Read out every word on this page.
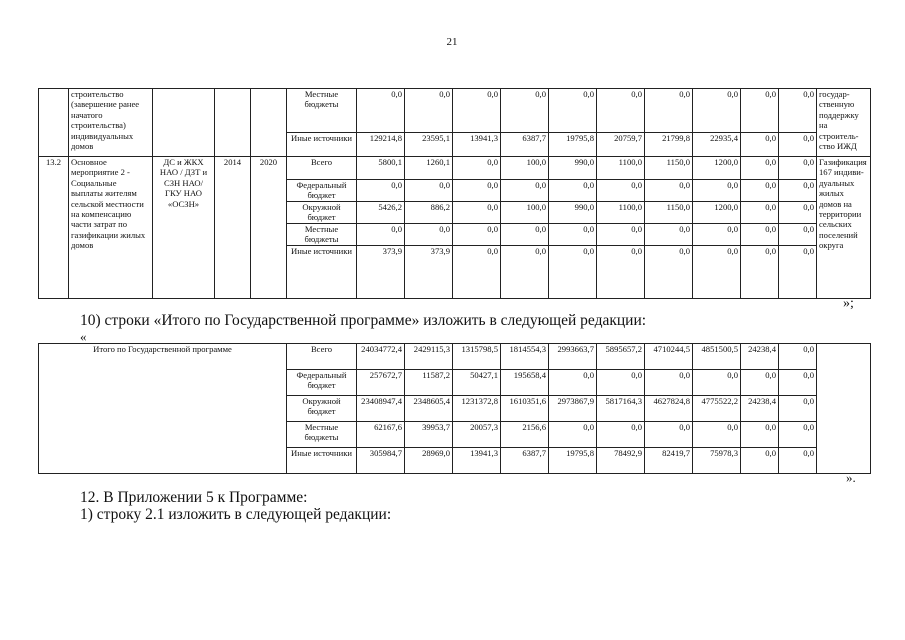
21
	строительство (завершение ранее начатого строительства) индивидуальных домов				Местные бюджеты	0,0	0,0	0,0	0,0	0,0	0,0	0,0	0,0	0,0	0,0	государ-ственную поддержку на строитель-ство ИЖД
					Иные источники	129214,8	23595,1	13941,3	6387,7	19795,8	20759,7	21799,8	22935,4	0,0	0,0	
13.2	Основное мероприятие 2 - Социальные выплаты жителям сельской местности на компенсацию части затрат по газификации жилых домов	ДС и ЖКХ НАО / ДЗТ и СЗН НАО/ ГКУ НАО «ОСЗН»	2014	2020	Всего	5800,1	1260,1	0,0	100,0	990,0	1100,0	1150,0	1200,0	0,0	0,0	Газификация 167 индиви-дуальных жилых домов на территории сельских поселений округа
					Федеральный бюджет	0,0	0,0	0,0	0,0	0,0	0,0	0,0	0,0	0,0	0,0	
					Окружной бюджет	5426,2	886,2	0,0	100,0	990,0	1100,0	1150,0	1200,0	0,0	0,0	
					Местные бюджеты	0,0	0,0	0,0	0,0	0,0	0,0	0,0	0,0	0,0	0,0	
					Иные источники	373,9	373,9	0,0	0,0	0,0	0,0	0,0	0,0	0,0	0,0	
»;
10) строки «Итого по Государственной программе» изложить в следующей редакции:
«
Итого по Государственной программе	Всего	24034772,4	2429115,3	1315798,5	1814554,3	2993663,7	5895657,2	4710244,5	4851500,5	24238,4	0,0	
	Федеральный бюджет	257672,7	11587,2	50427,1	195658,4	0,0	0,0	0,0	0,0	0,0	0,0	
	Окружной бюджет	23408947,4	2348605,4	1231372,8	1610351,6	2973867,9	5817164,3	4627824,8	4775522,2	24238,4	0,0	
	Местные бюджеты	62167,6	39953,7	20057,3	2156,6	0,0	0,0	0,0	0,0	0,0	0,0	
	Иные источники	305984,7	28969,0	13941,3	6387,7	19795,8	78492,9	82419,7	75978,3	0,0	0,0	
».
12. В Приложении 5 к Программе:
1) строку 2.1 изложить в следующей редакции:
